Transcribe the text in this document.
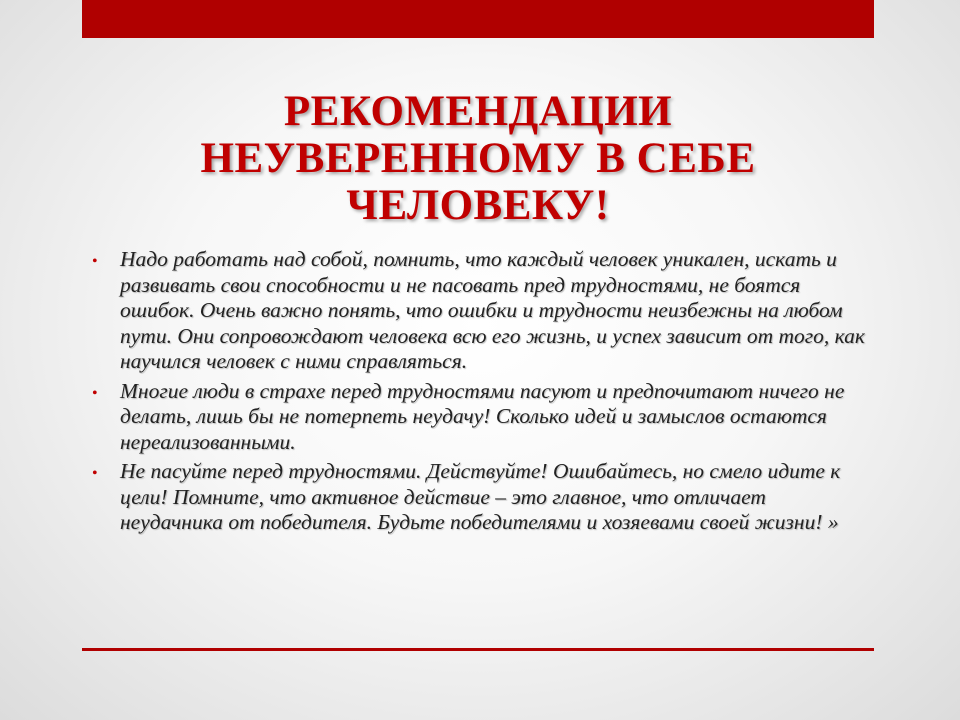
РЕКОМЕНДАЦИИ
НЕУВЕРЕННОМУ В СЕБЕ
ЧЕЛОВЕКУ!
• Надо работать над собой, помнить, что каждый человек уникален, искать и развивать свои способности и не пасовать пред трудностями, не боятся ошибок. Очень важно понять, что ошибки и трудности неизбежны на любом пути. Они сопровождают человека всю его жизнь, и успех зависит от того, как научился человек с ними справляться.
• Многие люди в страхе перед трудностями пасуют и предпочитают ничего не делать, лишь бы не потерпеть неудачу! Сколько идей и замыслов остаются нереализованными.
• Не пасуйте перед трудностями. Действуйте! Ошибайтесь, но смело идите к цели! Помните, что активное действие – это главное, что отличает неудачника от победителя. Будьте победителями и хозяевами своей жизни! »
